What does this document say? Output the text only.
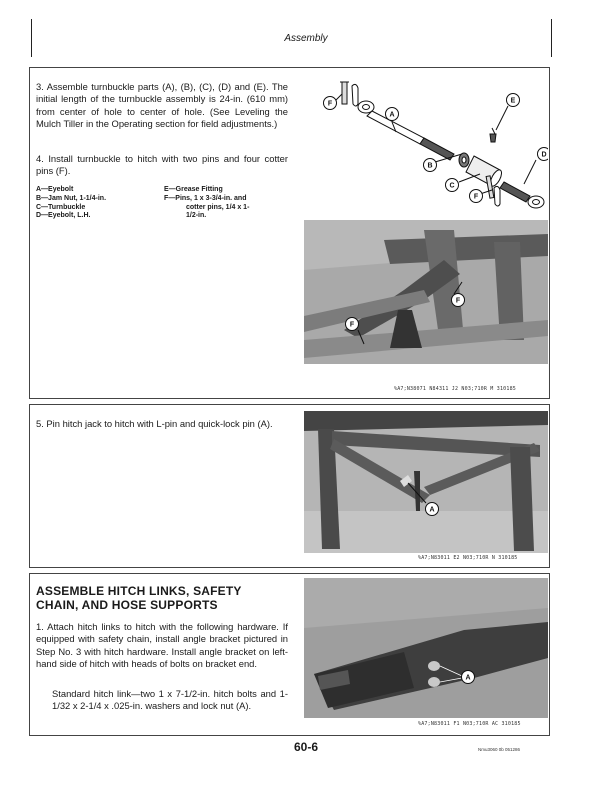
Assembly
3. Assemble turnbuckle parts (A), (B), (C), (D) and (E). The initial length of the turnbuckle assembly is 24-in. (610 mm) from center of hole to center of hole. (See Leveling the Mulch Tiller in the Operating section for field adjustments.)
4. Install turnbuckle to hitch with two pins and four cotter pins (F).
A—Eyebolt
B—Jam Nut, 1-1/4-in.
C—Turnbuckle
D—Eyebolt, L.H.
E—Grease Fitting
F—Pins, 1 x 3-3/4-in. and
cotter pins, 1/4 x 1-
1/2-in.
F
A
B
C
D
E
F
F
F
%A7;N38071 N84311 J2 N03;710R M 310185
5. Pin hitch jack to hitch with L-pin and quick-lock pin (A).
A
%A7;N83011 E2 N03;710R N 310185
ASSEMBLE HITCH LINKS, SAFETY
CHAIN, AND HOSE SUPPORTS
1. Attach hitch links to hitch with the following hardware. If equipped with safety chain, install angle bracket pictured in Step No. 3 with hitch hardware. Install angle bracket on left-hand side of hitch with heads of bolts on bracket end.
Standard hitch link—two 1 x 7-1/2-in. hitch bolts and 1-1/32 x 2-1/4 x .025-in. washers and lock nut (A).
A
%A7;N83011 F1 N03;710R AC 310185
60-6	Nmu3060 0b 051286
